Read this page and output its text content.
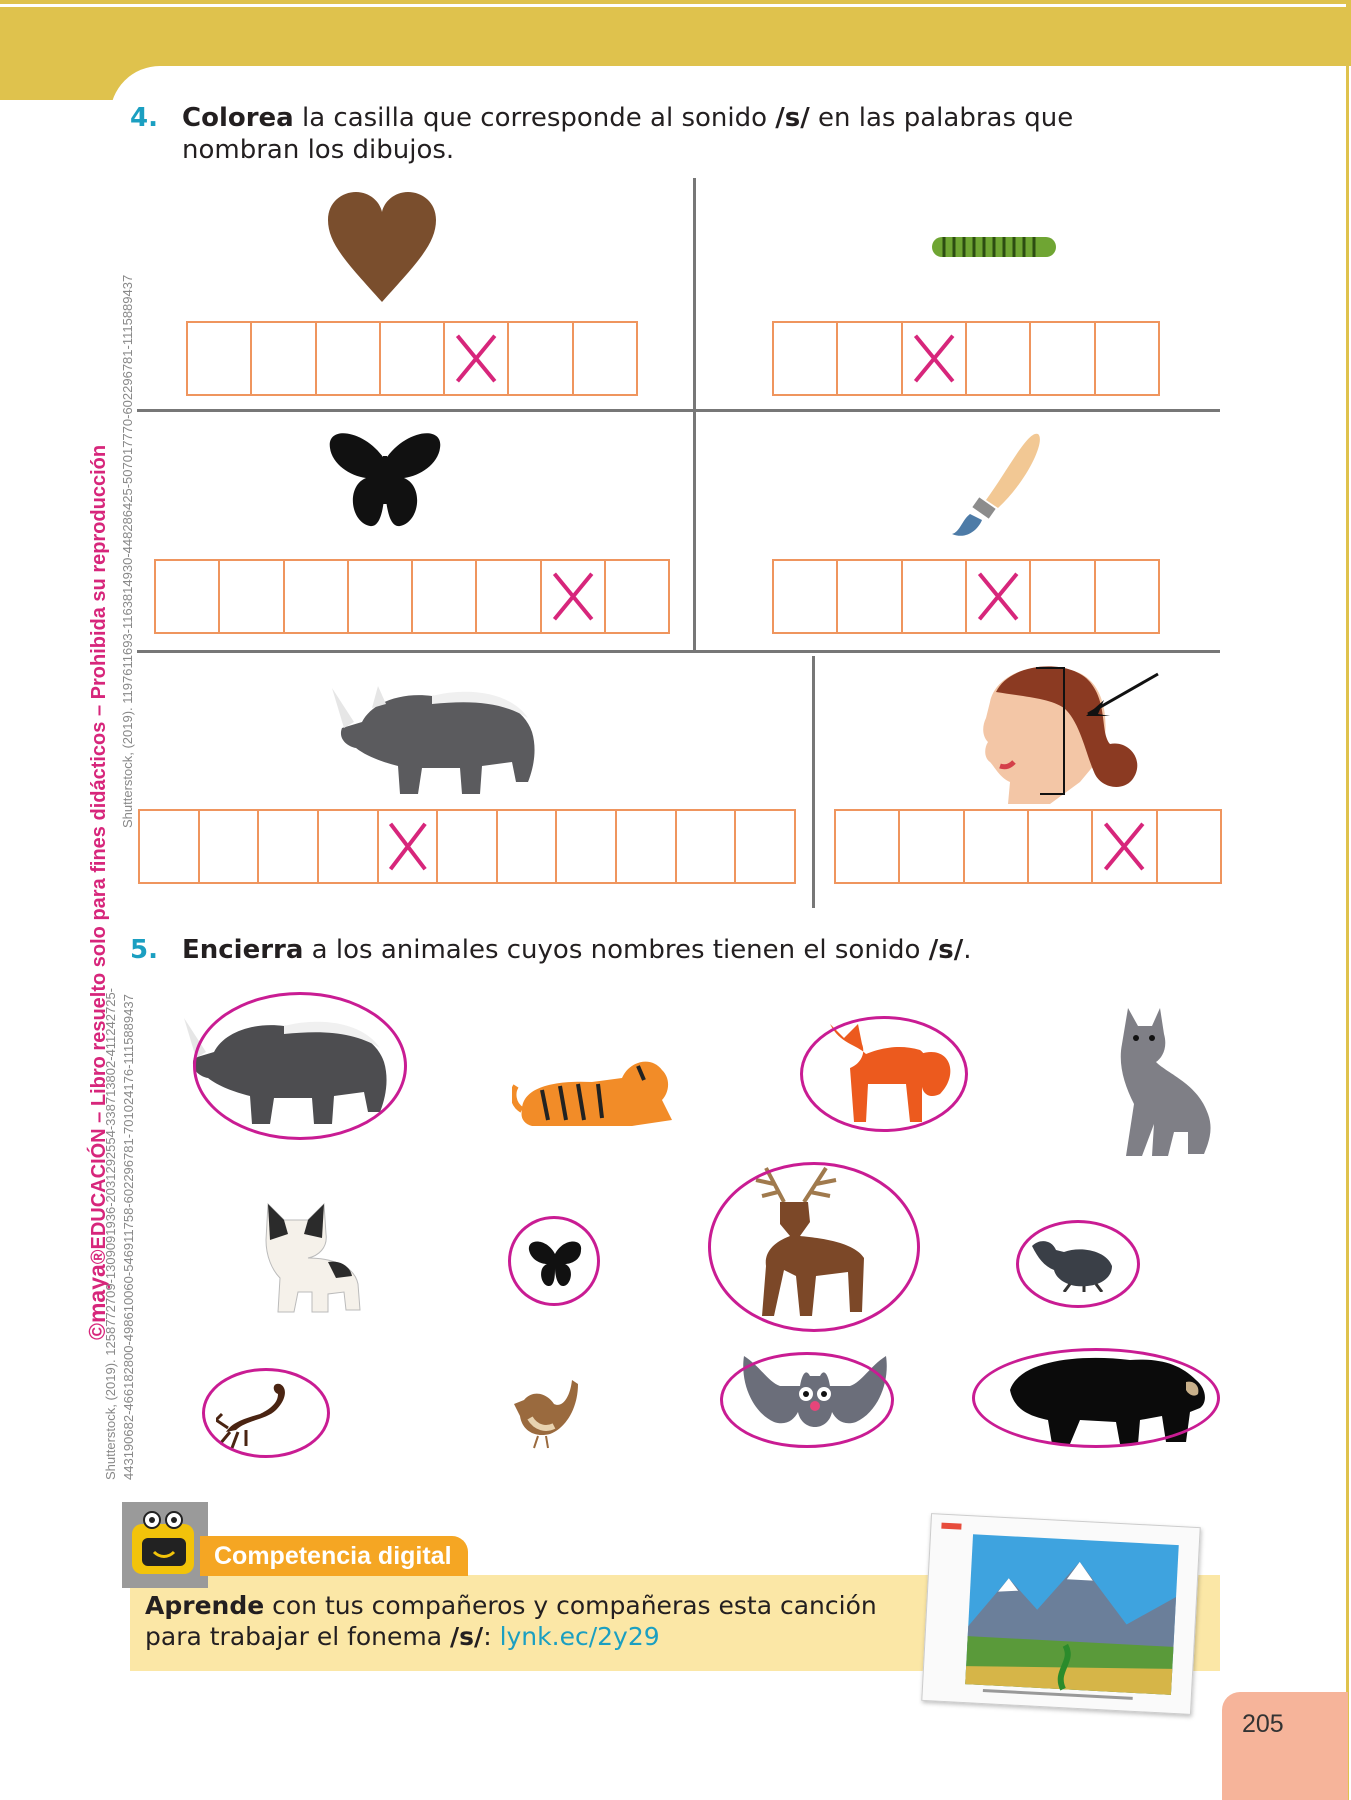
©maya®EDUCACIÓN – Libro resuelto solo para fines didácticos – Prohibida su reproducción Shutterstock, (2019). 1197611693-1163814930-448286425-507017770-602296781-1115889437
Shutterstock, (2019). 1258772709-1309091936-2031292554-338713802-411242725- 443190682-466182800-498610060-546911758-602296781-701024176-1115889437
4. Colorea la casilla que corresponde al sonido /s/ en las palabras que
nombran los dibujos.
5. Encierra a los animales cuyos nombres tienen el sonido /s/.
Competencia digital
Aprende con tus compañeros y compañeras esta canción
para trabajar el fonema /s/: lynk.ec/2y29
205
